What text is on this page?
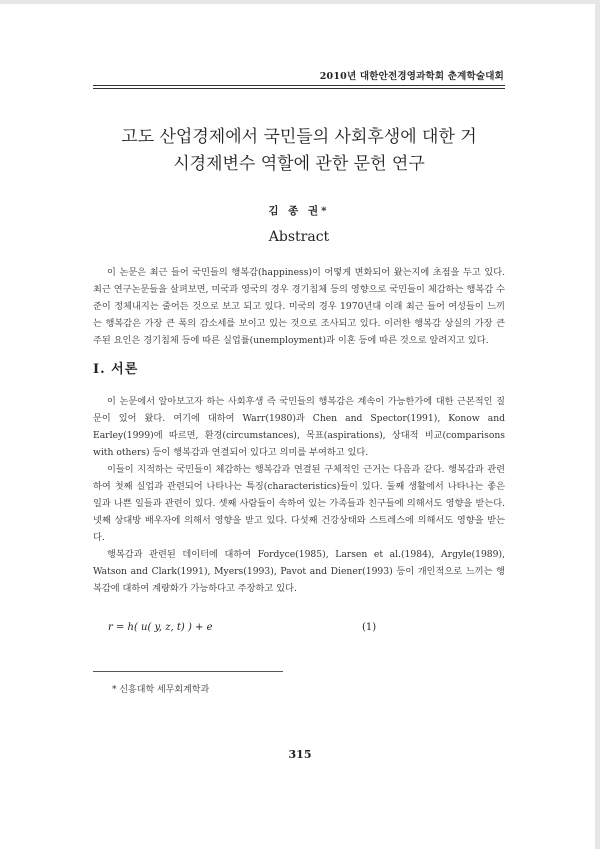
2010년 대한안전경영과학회 춘계학술대회
고도 산업경제에서 국민들의 사회후생에 대한 거
시경제변수 역할에 관한 문헌 연구
김 종 권*
Abstract

이 논문은 최근 들어 국민들의 행복감(happiness)이 어떻게 변화되어 왔는지에 초점을 두고 있다. 최근 연구논문들을 살펴보면, 미국과 영국의 경우 경기침체 등의 영향으로 국민들이 체감하는 행복감 수준이 정체내지는 줄어든 것으로 보고 되고 있다. 미국의 경우 1970년대 이래 최근 들어 여성들이 느끼는 행복감은 가장 큰 폭의 감소세를 보이고 있는 것으로 조사되고 있다. 이러한 행복감 상실의 가장 큰 주된 요인은 경기침체 등에 따른 실업률(unemployment)과 이혼 등에 따른 것으로 알려지고 있다.

Ⅰ. 서론

이 논문에서 알아보고자 하는 사회후생 즉 국민들의 행복감은 계속이 가능한가에 대한 근본적인 질문이 있어 왔다. 여기에 대하여 Warr(1980)과 Chen and Spector(1991), Konow and Earley(1999)에 따르면, 환경(circumstances), 목표(aspirations), 상대적 비교(comparisons with others) 등이 행복감과 연결되어 있다고 의미를 부여하고 있다.

이들이 지적하는 국민들이 체감하는 행복감과 연결된 구체적인 근거는 다음과 같다. 행복감과 관련하여 첫째 실업과 관련되어 나타나는 특징(characteristics)들이 있다. 둘째 생활에서 나타나는 좋은 일과 나쁜 일들과 관련이 있다. 셋째 사람들이 속하여 있는 가족들과 친구들에 의해서도 영향을 받는다. 넷째 상대방 배우자에 의해서 영향을 받고 있다. 다섯째 건강상태와 스트레스에 의해서도 영향을 받는다.

행복감과 관련된 데이터에 대하여 Fordyce(1985), Larsen et al.(1984), Argyle(1989), Watson and Clark(1991), Myers(1993), Pavot and Diener(1993) 등이 개인적으로 느끼는 행복감에 대하여 계량화가 가능하다고 주장하고 있다.

r = h( u( y, z, t) ) + e	(1)
* 신흥대학 세무회계학과
315
